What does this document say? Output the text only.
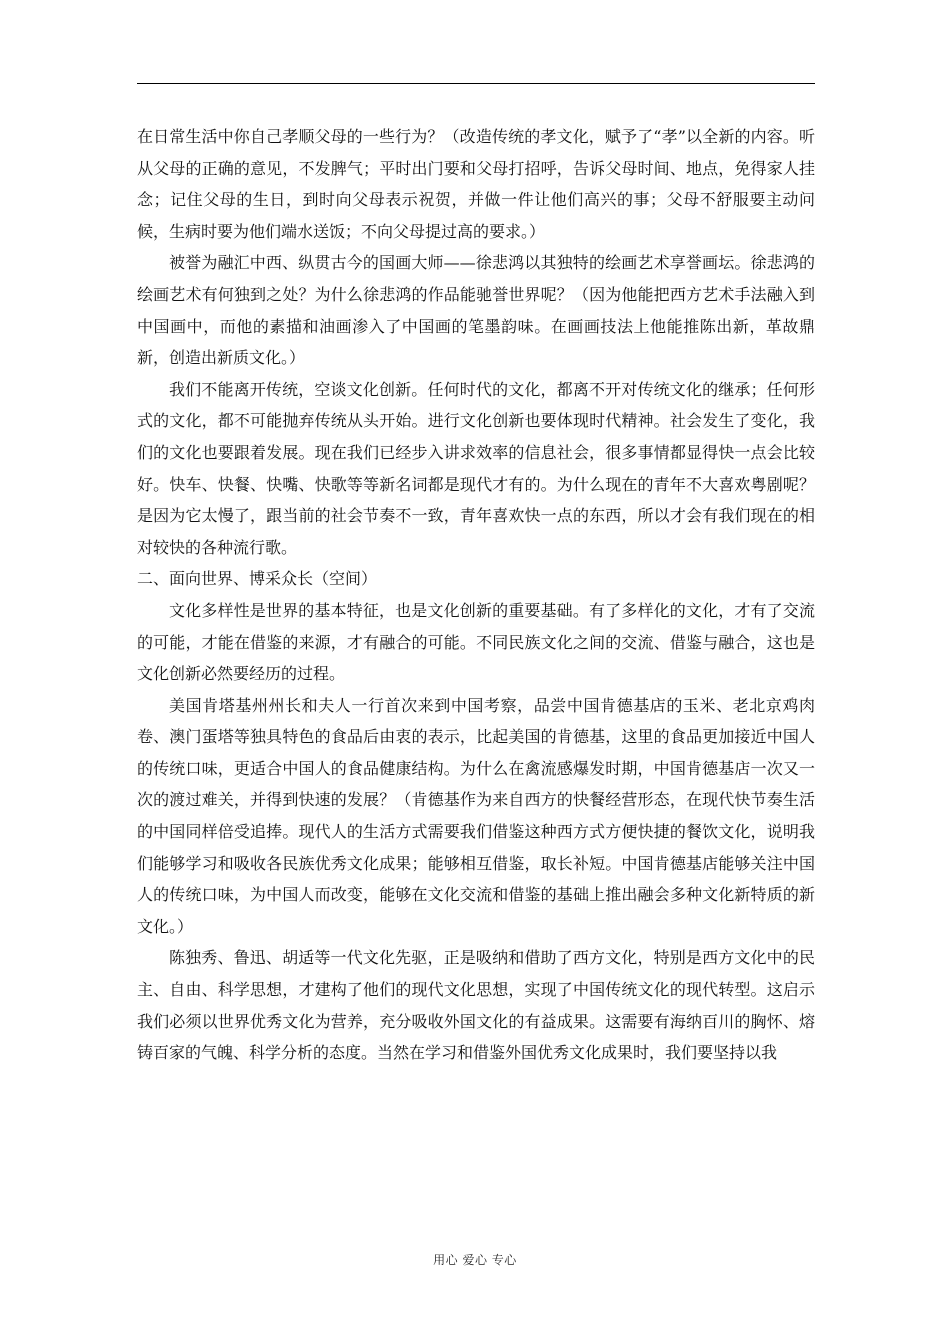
在日常生活中你自己孝顺父母的一些行为？（改造传统的孝文化，赋予了“孝”以全新的内容。听从父母的正确的意见，不发脾气；平时出门要和父母打招呼，告诉父母时间、地点，免得家人挂念；记住父母的生日，到时向父母表示祝贺，并做一件让他们高兴的事；父母不舒服要主动问候，生病时要为他们端水送饭；不向父母提过高的要求。）

被誉为融汇中西、纵贯古今的国画大师——徐悲鸿以其独特的绘画艺术享誉画坛。徐悲鸿的绘画艺术有何独到之处？为什么徐悲鸿的作品能驰誉世界呢？（因为他能把西方艺术手法融入到中国画中，而他的素描和油画渗入了中国画的笔墨韵味。在画画技法上他能推陈出新，革故鼎新，创造出新质文化。）

我们不能离开传统，空谈文化创新。任何时代的文化，都离不开对传统文化的继承；任何形式的文化，都不可能抛弃传统从头开始。进行文化创新也要体现时代精神。社会发生了变化，我们的文化也要跟着发展。现在我们已经步入讲求效率的信息社会，很多事情都显得快一点会比较好。快车、快餐、快嘴、快歌等等新名词都是现代才有的。为什么现在的青年不大喜欢粤剧呢？是因为它太慢了，跟当前的社会节奏不一致，青年喜欢快一点的东西，所以才会有我们现在的相对较快的各种流行歌。

二、面向世界、博采众长（空间）

文化多样性是世界的基本特征，也是文化创新的重要基础。有了多样化的文化，才有了交流的可能，才能在借鉴的来源，才有融合的可能。不同民族文化之间的交流、借鉴与融合，这也是文化创新必然要经历的过程。

美国肯塔基州州长和夫人一行首次来到中国考察，品尝中国肯德基店的玉米、老北京鸡肉卷、澳门蛋塔等独具特色的食品后由衷的表示，比起美国的肯德基，这里的食品更加接近中国人的传统口味，更适合中国人的食品健康结构。为什么在禽流感爆发时期，中国肯德基店一次又一次的渡过难关，并得到快速的发展？（肯德基作为来自西方的快餐经营形态，在现代快节奏生活的中国同样倍受追捧。现代人的生活方式需要我们借鉴这种西方式方便快捷的餐饮文化，说明我们能够学习和吸收各民族优秀文化成果；能够相互借鉴，取长补短。中国肯德基店能够关注中国人的传统口味，为中国人而改变，能够在文化交流和借鉴的基础上推出融会多种文化新特质的新文化。）

陈独秀、鲁迅、胡适等一代文化先驱，正是吸纳和借助了西方文化，特别是西方文化中的民主、自由、科学思想，才建构了他们的现代文化思想，实现了中国传统文化的现代转型。这启示我们必须以世界优秀文化为营养，充分吸收外国文化的有益成果。这需要有海纳百川的胸怀、熔铸百家的气魄、科学分析的态度。当然在学习和借鉴外国优秀文化成果时，我们要坚持以我

用心 爱心 专心
